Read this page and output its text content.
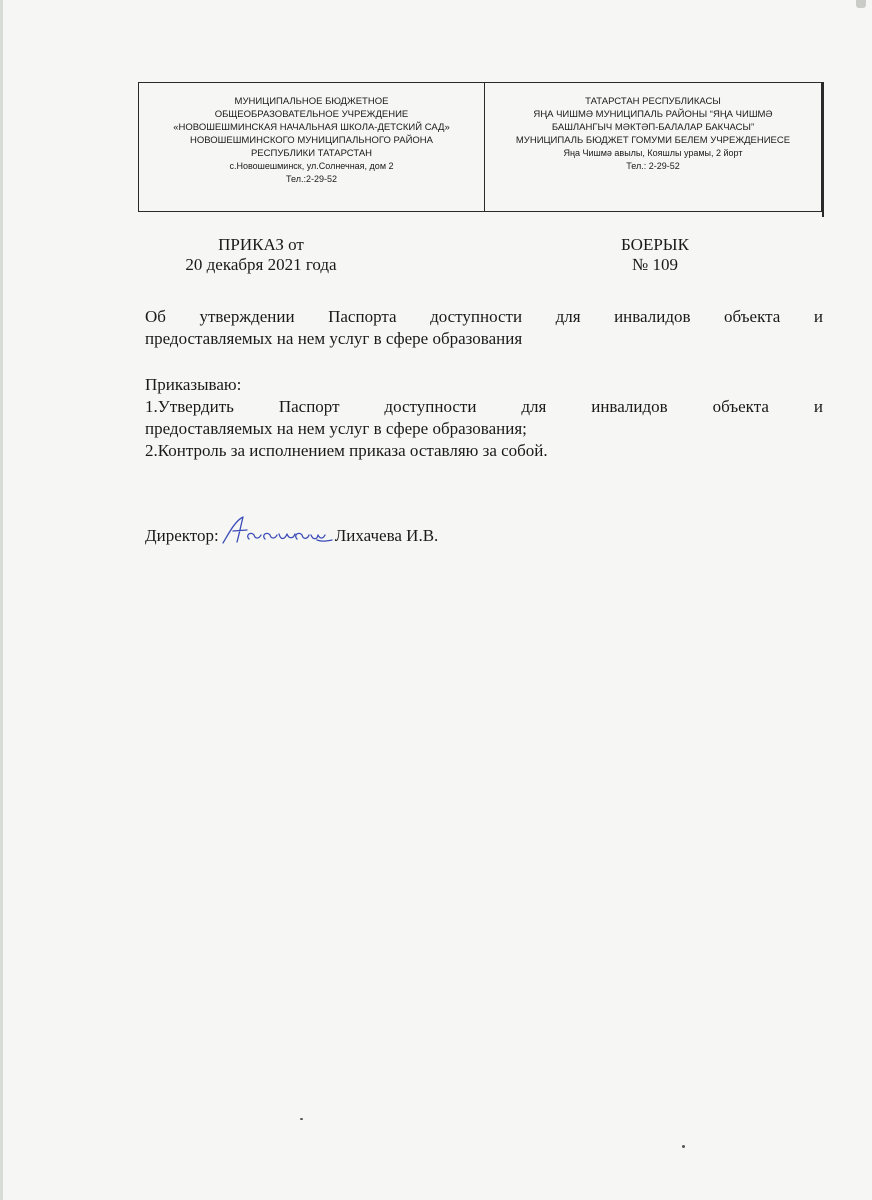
МУНИЦИПАЛЬНОЕ БЮДЖЕТНОЕ
ОБЩЕОБРАЗОВАТЕЛЬНОЕ УЧРЕЖДЕНИЕ
«НОВОШЕШМИНСКАЯ НАЧАЛЬНАЯ ШКОЛА-ДЕТСКИЙ САД»
НОВОШЕШМИНСКОГО МУНИЦИПАЛЬНОГО РАЙОНА
РЕСПУБЛИКИ ТАТАРСТАН
с.Новошешминск, ул.Солнечная, дом 2
Тел.:2-29-52
ТАТАРСТАН РЕСПУБЛИКАСЫ
ЯҢА ЧИШМӘ МУНИЦИПАЛЬ РАЙОНЫ “ЯҢА ЧИШМӘ
БАШЛАНГЫЧ МӘКТӘП-БАЛАЛАР БАКЧАСЫ”
МУНИЦИПАЛЬ БЮДЖЕТ ГОМУМИ БЕЛЕМ УЧРЕЖДЕНИЕСЕ
Яңа Чишмә авылы, Кояшлы урамы, 2 йорт
Тел.: 2-29-52
ПРИКАЗ от
20 декабря 2021 года
БОЕРЫК
№ 109
Об утверждении Паспорта доступности для инвалидов объекта и
предоставляемых на нем услуг в сфере образования
Приказываю:
1.Утвердить	Паспорт	доступности	для	инвалидов	объекта	и
предоставляемых на нем услуг в сфере образования;
2.Контроль за исполнением приказа оставляю за собой.
Директор:	Лихачева И.В.
